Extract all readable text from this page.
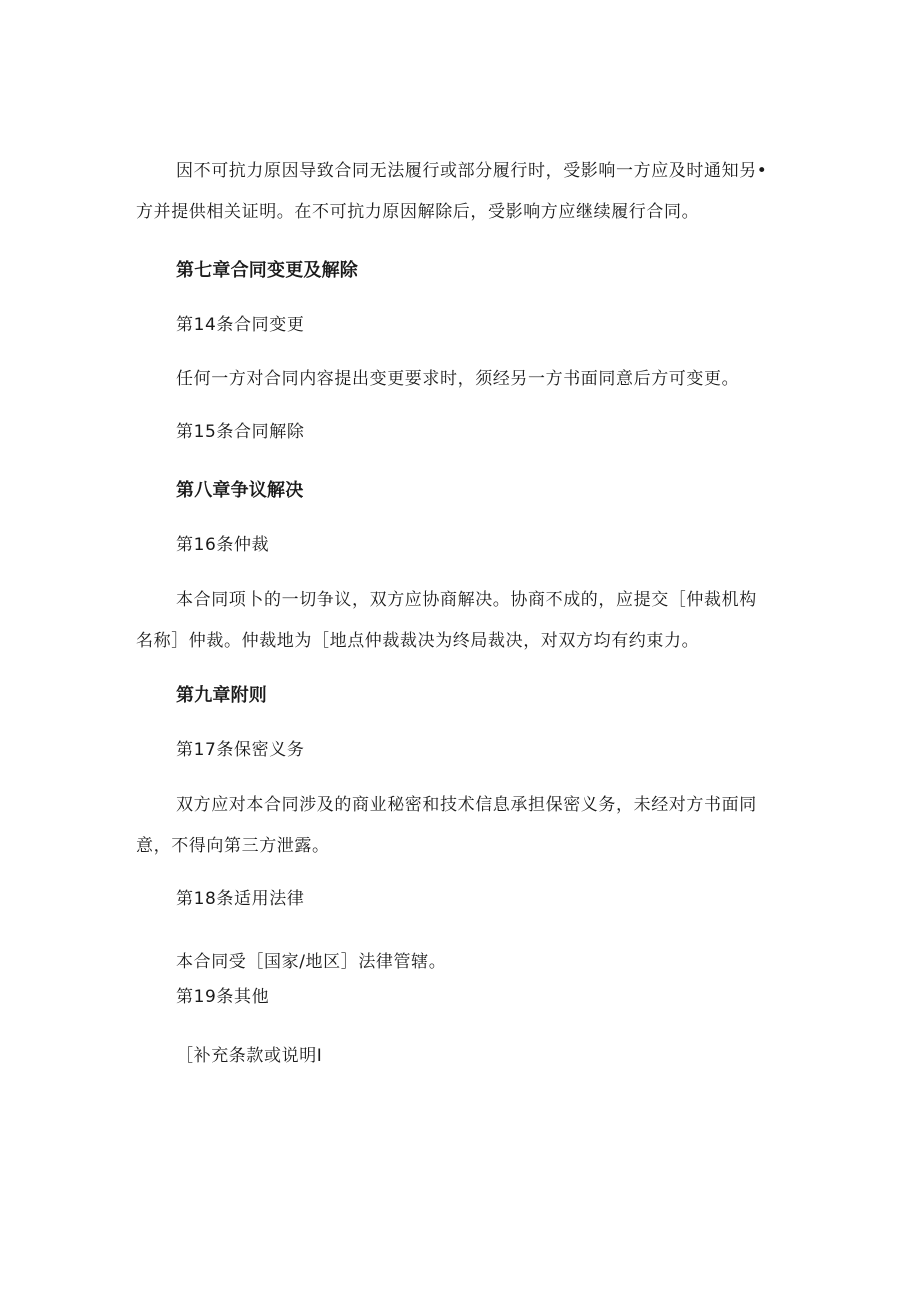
因不可抗力原因导致合同无法履行或部分履行时，受影响一方应及时通知另•方并提供相关证明。在不可抗力原因解除后，受影响方应继续履行合同。
第七章合同变更及解除
第14条合同变更
任何一方对合同内容提出变更要求时，须经另一方书面同意后方可变更。
第15条合同解除
第八章争议解决
第16条仲裁
本合同项卜的一切争议，双方应协商解决。协商不成的，应提交［仲裁机构名称］仲裁。仲裁地为［地点仲裁裁决为终局裁决，对双方均有约束力。
第九章附则
第17条保密义务
双方应对本合同涉及的商业秘密和技术信息承担保密义务，未经对方书面同意，不得向第三方泄露。
第18条适用法律
本合同受［国家/地区］法律管辖。
第19条其他
［补充条款或说明I
